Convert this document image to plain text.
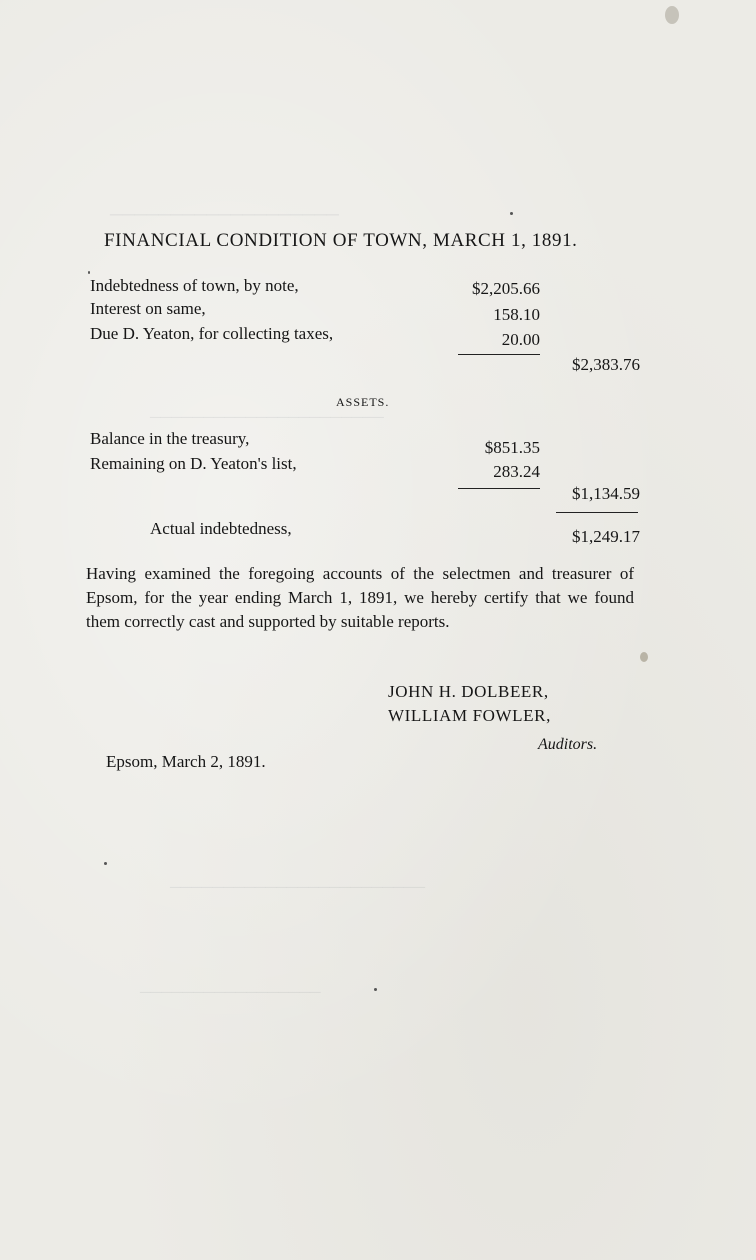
───────────────────
──────────────────────
────────────────────────
─────────────────
FINANCIAL CONDITION OF TOWN, MARCH 1, 1891.
Indebtedness of town, by note,	$2,205.66
Interest on same,	158.10
Due D. Yeaton, for collecting taxes,	20.00
$2,383.76
ASSETS.
Balance in the treasury,	$851.35
Remaining on D. Yeaton's list,	283.24
$1,134.59
Actual indebtedness,	$1,249.17
Having examined the foregoing accounts of the selectmen and treasurer of Epsom, for the year ending March 1, 1891, we hereby certify that we found them correctly cast and supported by suitable reports.
JOHN H. DOLBEER,
WILLIAM FOWLER,
Auditors.
Epsom, March 2, 1891.
